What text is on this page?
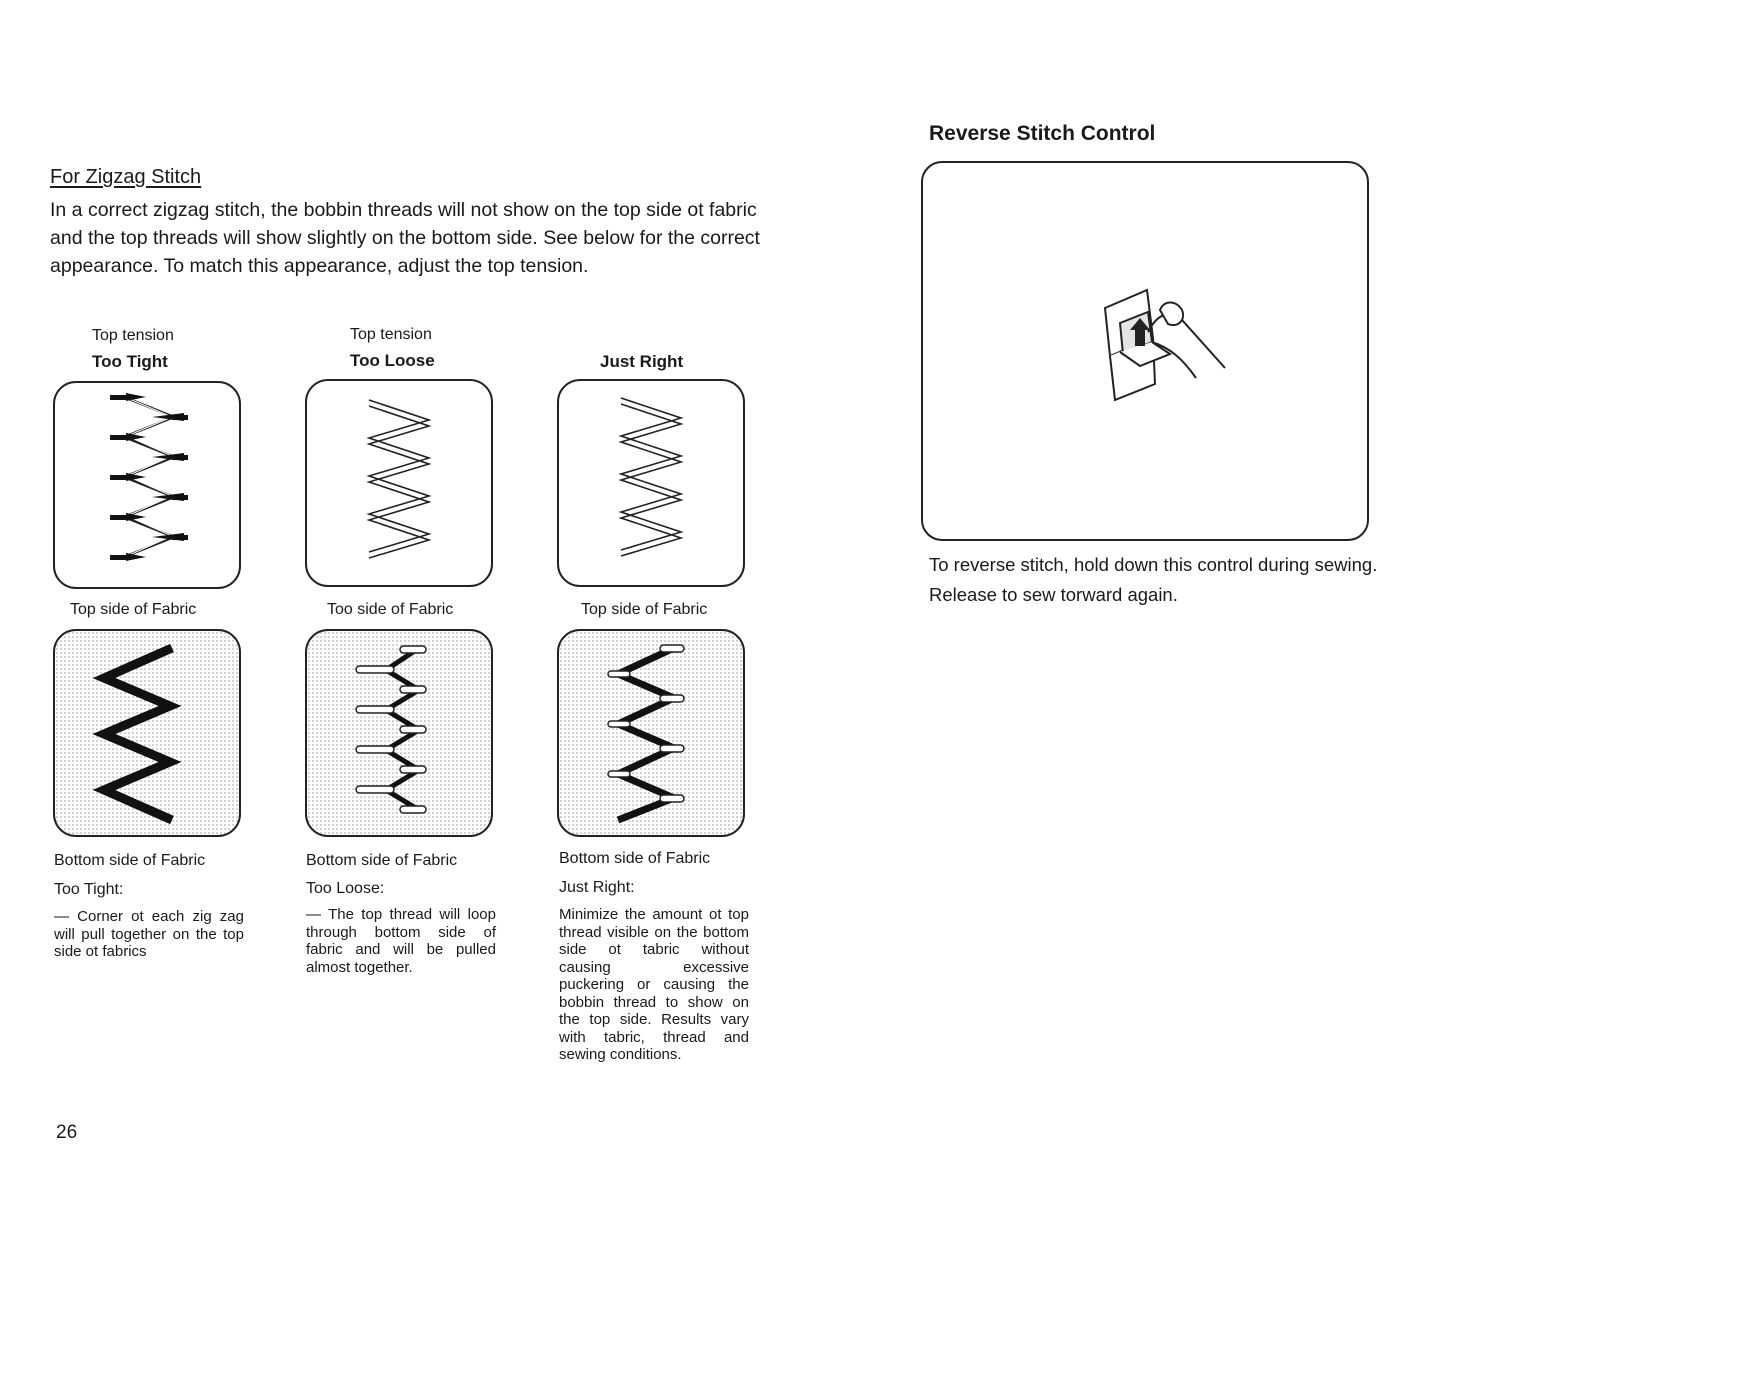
For Zigzag Stitch
In a correct zigzag stitch, the bobbin threads will not show on the top side ot fabric and the top threads will show slightly on the bottom side. See below for the correct appearance. To match this appearance, adjust the top tension.
Top tension
Too Tight
Top tension
Too Loose	Just Right
Top side of Fabric	Too side of Fabric	Top side of Fabric
Bottom side of Fabric	Bottom side of Fabric	Bottom side of Fabric
Too Tight:	Too Loose:	Just Right:
— Corner ot each zig zag will pull together on the top side ot fabrics
— The top thread will loop through bottom side of fabric and will be pulled almost together.
Minimize the amount ot top thread visible on the bottom side ot tabric without causing excessive puckering or causing the bobbin thread to show on the top side. Results vary with tabric, thread and sewing conditions.
26
Reverse Stitch Control
To reverse stitch, hold down this control during sewing.
Release to sew torward again.
